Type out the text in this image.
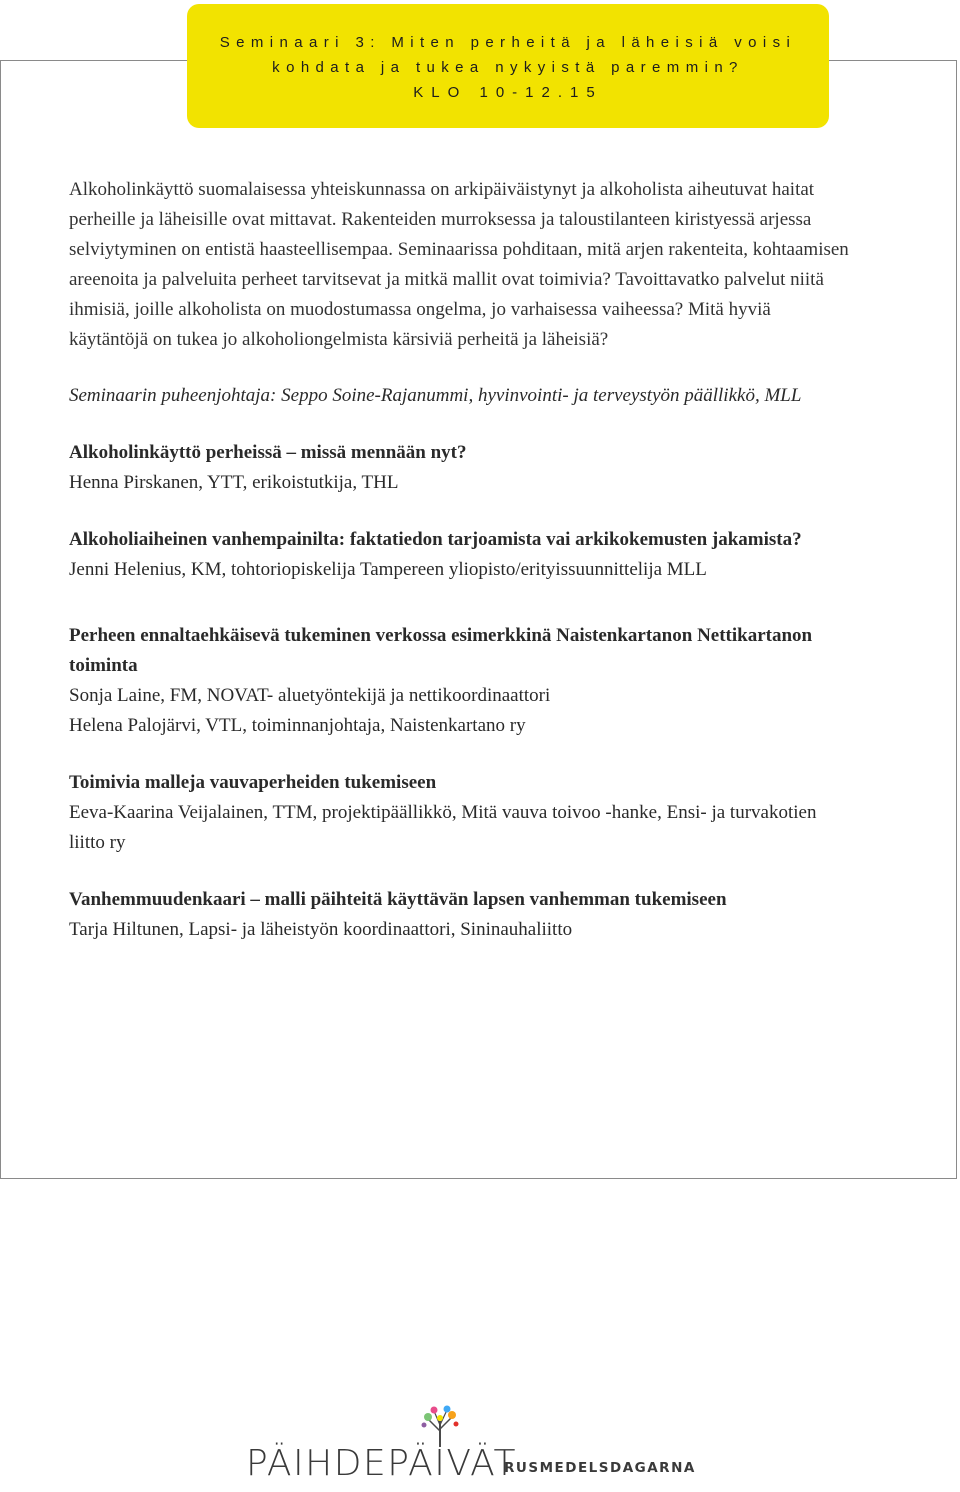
Seminaari 3: Miten perheitä ja läheisiä voisi
kohdata ja tukea nykyistä paremmin?
KLO 10-12.15

Alkoholinkäyttö suomalaisessa yhteiskunnassa on arkipäiväistynyt ja alkoholista aiheutuvat haitat perheille ja läheisille ovat mittavat. Rakenteiden murroksessa ja taloustilanteen kiristyessä arjessa selviytyminen on entistä haasteellisempaa. Seminaarissa pohditaan, mitä arjen rakenteita, kohtaamisen areenoita ja palveluita perheet tarvitsevat ja mitkä mallit ovat toimivia? Tavoittavatko palvelut niitä ihmisiä, joille alkoholista on muodostumassa ongelma, jo varhaisessa vaiheessa? Mitä hyviä käytäntöjä on tukea jo alkoholiongelmista kärsiviä perheitä ja läheisiä?

Seminaarin puheenjohtaja: Seppo Soine-Rajanummi, hyvinvointi- ja terveystyön päällikkö, MLL

Alkoholinkäyttö perheissä – missä mennään nyt?

Henna Pirskanen, YTT, erikoistutkija, THL

Alkoholiaiheinen vanhempainilta: faktatiedon tarjoamista vai arkikokemusten jakamista?

Jenni Helenius, KM, tohtoriopiskelija Tampereen yliopisto/erityissuunnittelija MLL

Perheen ennaltaehkäisevä tukeminen verkossa esimerkkinä Naistenkartanon Nettikartanon toiminta

Sonja Laine, FM, NOVAT- aluetyöntekijä ja nettikoordinaattori

Helena Palojärvi, VTL, toiminnanjohtaja, Naistenkartano ry

Toimivia malleja vauvaperheiden tukemiseen

Eeva-Kaarina Veijalainen, TTM, projektipäällikkö, Mitä vauva toivoo -hanke, Ensi- ja turvakotien liitto ry

Vanhemmuudenkaari – malli päihteitä käyttävän lapsen vanhemman tukemiseen

Tarja Hiltunen, Lapsi- ja läheistyön koordinaattori, Sininauhaliitto

PÄIHDEPÄIVÄT
RUSMEDELSDAGARNA
